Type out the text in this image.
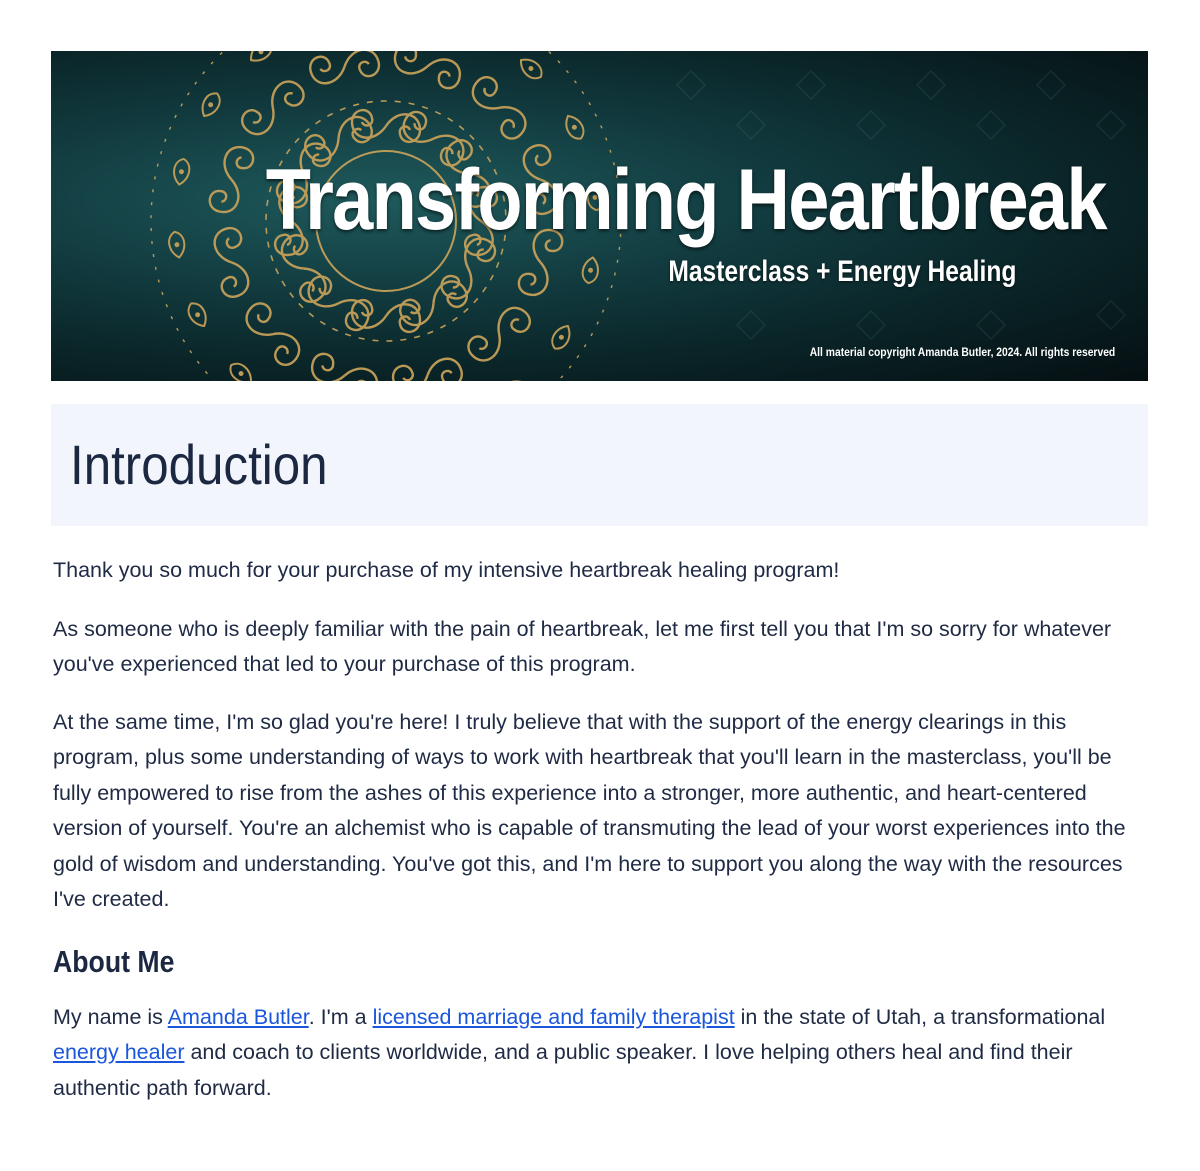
Transforming Heartbreak
Masterclass + Energy Healing
All material copyright Amanda Butler, 2024. All rights reserved
Introduction

Thank you so much for your purchase of my intensive heartbreak healing program!

As someone who is deeply familiar with the pain of heartbreak, let me first tell you that I'm so sorry for whatever you've experienced that led to your purchase of this program.

At the same time, I'm so glad you're here! I truly believe that with the support of the energy clearings in this program, plus some understanding of ways to work with heartbreak that you'll learn in the masterclass, you'll be fully empowered to rise from the ashes of this experience into a stronger, more authentic, and heart-centered version of yourself. You're an alchemist who is capable of transmuting the lead of your worst experiences into the gold of wisdom and understanding. You've got this, and I'm here to support you along the way with the resources I've created.

About Me

My name is Amanda Butler. I'm a licensed marriage and family therapist in the state of Utah, a transformational energy healer and coach to clients worldwide, and a public speaker. I love helping others heal and find their authentic path forward.
